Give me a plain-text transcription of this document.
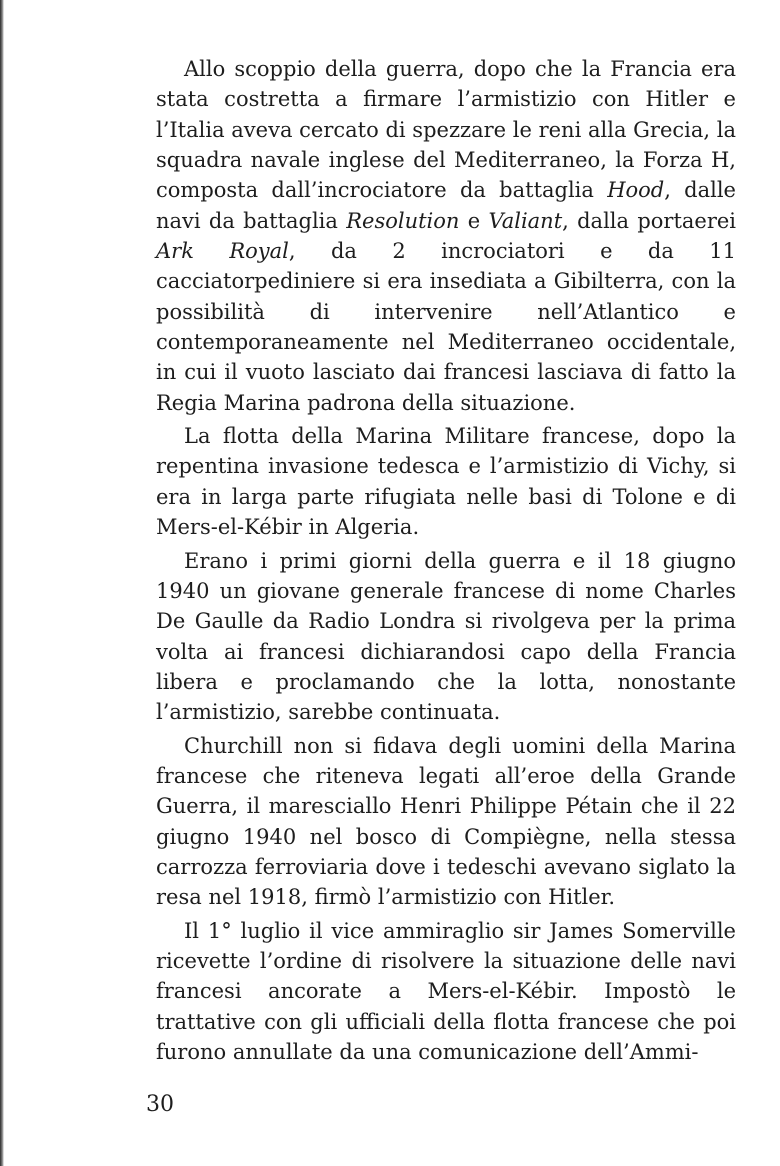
Allo scoppio della guerra, dopo che la Francia era stata costretta a firmare l’armistizio con Hitler e l’Italia aveva cercato di spezzare le reni alla Grecia, la squadra navale inglese del Mediterraneo, la Forza H, composta dall’incrociatore da battaglia Hood, dalle navi da battaglia Resolution e Valiant, dalla portaerei Ark Royal, da 2 incrociatori e da 11 cacciatorpediniere si era insediata a Gibilterra, con la possibilità di intervenire nell’Atlantico e contemporaneamente nel Mediterraneo occidentale, in cui il vuoto lasciato dai francesi lasciava di fatto la Regia Marina padrona della situazione.

La flotta della Marina Militare francese, dopo la repentina invasione tedesca e l’armistizio di Vichy, si era in larga parte rifugiata nelle basi di Tolone e di Mers-el-Kébir in Algeria.

Erano i primi giorni della guerra e il 18 giugno 1940 un giovane generale francese di nome Charles De Gaulle da Radio Londra si rivolgeva per la prima volta ai francesi dichiarandosi capo della Francia libera e proclamando che la lotta, nonostante l’armistizio, sarebbe continuata.

Churchill non si fidava degli uomini della Marina francese che riteneva legati all’eroe della Grande Guerra, il maresciallo Henri Philippe Pétain che il 22 giugno 1940 nel bosco di Compiègne, nella stessa carrozza ferroviaria dove i tedeschi avevano siglato la resa nel 1918, firmò l’armistizio con Hitler.

Il 1° luglio il vice ammiraglio sir James Somerville ricevette l’ordine di risolvere la situazione delle navi francesi ancorate a Mers-el-Kébir. Impostò le trattative con gli ufficiali della flotta francese che poi furono annullate da una comunicazione dell’Ammi-

30
